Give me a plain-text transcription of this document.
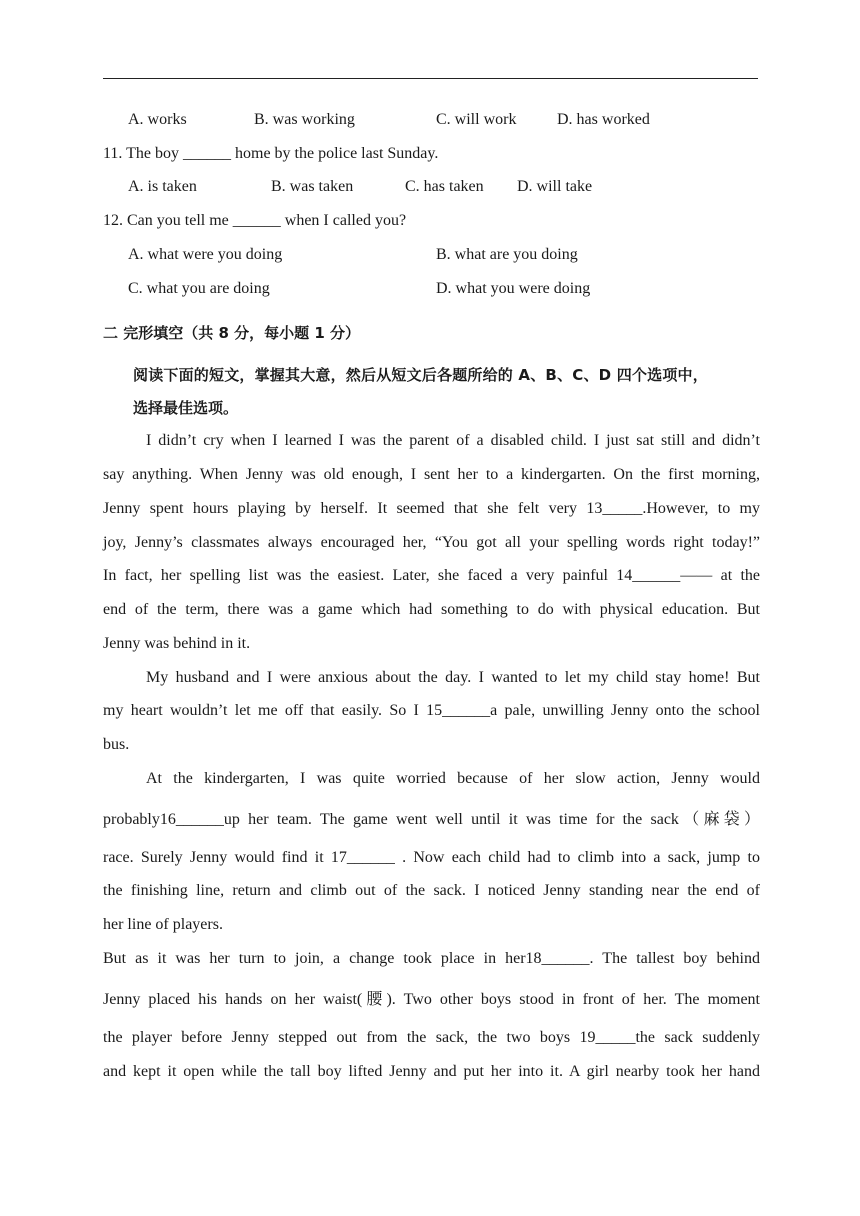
A. works	B. was working	C. will work	D. has worked
11. The boy ______ home by the police last Sunday.
A. is taken	B. was taken	C. has taken D. will take
12. Can you tell me ______ when I called you?
A. what were you doing	B. what are you doing
C. what you are doing	D. what you were doing
二 完形填空（共 8 分，每小题 1 分）
阅读下面的短文，掌握其大意，然后从短文后各题所给的 A、B、C、D 四个选项中，
选择最佳选项。
I didn’t cry when I learned I was the parent of a disabled child. I just sat still and didn’t
say anything. When Jenny was old enough, I sent her to a kindergarten. On the first morning,
Jenny spent hours playing by herself. It seemed that she felt very 13_____.However, to my
joy, Jenny’s classmates always encouraged her, “You got all your spelling words right today!”
In fact, her spelling list was the easiest. Later, she faced a very painful 14______—— at the
end of the term, there was a game which had something to do with physical education. But
Jenny was behind in it.
My husband and I were anxious about the day. I wanted to let my child stay home! But
my heart wouldn’t let me off that easily. So I 15______a pale, unwilling Jenny onto the school
bus.
At the kindergarten, I was quite worried because of her slow action, Jenny would
probably16______up her team. The game went well until it was time for the sack（麻袋）
race. Surely Jenny would find it 17______ . Now each child had to climb into a sack, jump to
the finishing line, return and climb out of the sack. I noticed Jenny standing near the end of
her line of players.
But as it was her turn to join, a change took place in her18______. The tallest boy behind
Jenny placed his hands on her waist(腰). Two other boys stood in front of her. The moment
the player before Jenny stepped out from the sack, the two boys 19_____the sack suddenly
and kept it open while the tall boy lifted Jenny and put her into it. A girl nearby took her hand
